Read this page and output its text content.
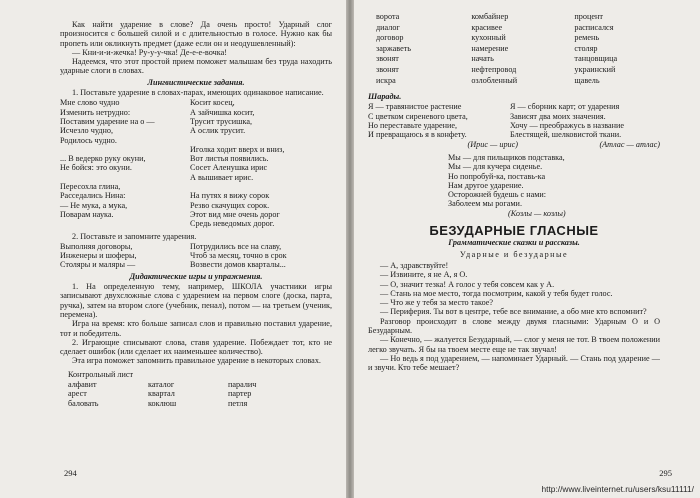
Как найти ударение в слове? Да очень просто! Ударный слог произносится с большей силой и с длительностью в голосе. Нужно как бы пропеть или окликнуть предмет (даже если он и неодушевленный):

— Кни-и-и-жечка! Ру-у-у-чка! Де-е-е-вочка!

Надеемся, что этот простой прием поможет малышам без труда находить ударные слоги в словах.

Лингвистические задания.

1. Поставьте ударение в словах-парах, имеющих одинаковое написание.

Мне слово чудно	Косит косец,
Изменить нетрудно:	А зайчишка косит,
Поставим ударение на о —	Трусит трусишка,
Исчезло чудно,	А ослик трусит.
Родилось чудно.
Иголка ходит вверх и вниз,
... В ведерко руку окуни,	Вот листья появились.
Не бойся: это окуни.	Сосет Аленушка ирис
А вышивает ирис.
Пересохла глина,
Расседались Нина:	На путях я вижу сорок
— Не мука, а мука,	Резво скачущих сорок.
Поварам наука.	Этот вид мне очень дорог
Средь неведомых дорог.

2. Поставьте и запомните ударения.

Выполняя договоры,	Потрудились все на славу,
Инженеры и шоферы,	Чтоб за месяц, точно в срок
Столяры и маляры —	Возвести домов кварталы...

Дидактические игры и упражнения.

1. На определенную тему, например, ШКОЛА участники игры записывают двухсложные слова с ударением на первом слоге (доска, парта, ручка), затем на втором слоге (учебник, пенал), потом — на третьем (ученик, перемена).

Игра на время: кто больше записал слов и правильно поставил ударение, тот и победитель.

2. Играющие списывают слова, ставя ударение. Побеждает тот, кто не сделает ошибок (или сделает их наименьшее количество).

Эта игра поможет запомнить правильное ударение в некоторых словах.

Контрольный лист

алфавит	каталог	паралич
арест	квартал	партер
баловать	коклюш	петля
294
ворота	комбайнер	процент
диалог	красивее	расписался
договор	кухонный	ремень
заржаветь	намерение	столяр
звонят	начать	танцовщица
звонят	нефтепровод	украинский
искра	озлобленный	щавель

Шарады.

Я — травянистое растение	Я — сборник карт; от ударения
С цветком сиреневого цвета,	Зависят два моих значения.
Но переставьте ударение,	Хочу — преображусь в название
И превращаюсь я в конфету.	Блестящей, шелковистой ткани.
(Ирис — ирис)	(Атлас — атлас)
Мы — для пильщиков подставка,
Мы — для кучера сиденье.
Но попробуй-ка, поставь-ка
Нам другое ударение.
Осторожней будешь с нами:
Заболеем мы рогами.

(Козлы — козлы)

БЕЗУДАРНЫЕ ГЛАСНЫЕ

Грамматические сказки и рассказы.

Ударные и безударные

— А, здравствуйте!

— Извините, я не А, я О.

— О, значит тезка! А голос у тебя совсем как у А.

— Стань на мое место, тогда посмотрим, какой у тебя будет голос.

— Что же у тебя за место такое?

— Периферия. Ты вот в центре, тебе все внимание, а обо мне кто вспомнит?

Разговор происходит в слове между двумя гласными: Ударным О и О Безударным.

— Конечно, — жалуется Безударный, — слог у меня не тот. В твоем положении легко звучать. Я бы на твоем месте еще не так звучал!

— Но ведь я под ударением, — напоминает Ударный. — Стань под ударение — и звучи. Кто тебе мешает?

295
http://www.liveinternet.ru/users/ksu11111/
